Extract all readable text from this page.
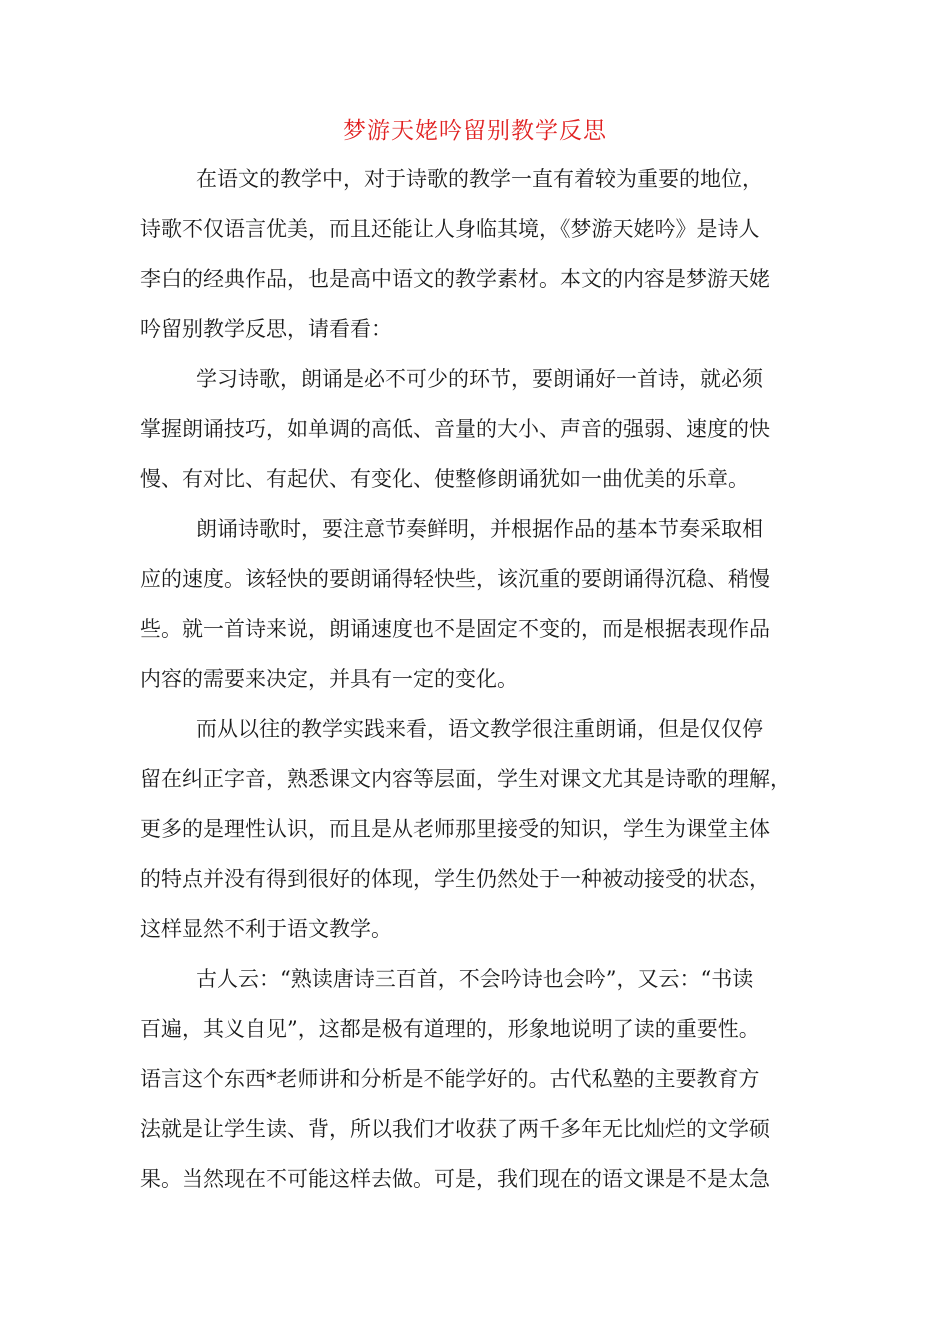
梦游天姥吟留别教学反思
在语文的教学中，对于诗歌的教学一直有着较为重要的地位，
诗歌不仅语言优美，而且还能让人身临其境，《梦游天姥吟》是诗人
李白的经典作品，也是高中语文的教学素材。本文的内容是梦游天姥
吟留别教学反思，请看看：
学习诗歌，朗诵是必不可少的环节，要朗诵好一首诗，就必须
掌握朗诵技巧，如单调的高低、音量的大小、声音的强弱、速度的快
慢、有对比、有起伏、有变化、使整修朗诵犹如一曲优美的乐章。
朗诵诗歌时，要注意节奏鲜明，并根据作品的基本节奏采取相
应的速度。该轻快的要朗诵得轻快些，该沉重的要朗诵得沉稳、稍慢
些。就一首诗来说，朗诵速度也不是固定不变的，而是根据表现作品
内容的需要来决定，并具有一定的变化。
而从以往的教学实践来看，语文教学很注重朗诵，但是仅仅停
留在纠正字音，熟悉课文内容等层面，学生对课文尤其是诗歌的理解，
更多的是理性认识，而且是从老师那里接受的知识，学生为课堂主体
的特点并没有得到很好的体现，学生仍然处于一种被动接受的状态，
这样显然不利于语文教学。
古人云：“熟读唐诗三百首，不会吟诗也会吟”，又云：“书读
百遍，其义自见”，这都是极有道理的，形象地说明了读的重要性。
语言这个东西*老师讲和分析是不能学好的。古代私塾的主要教育方
法就是让学生读、背，所以我们才收获了两千多年无比灿烂的文学硕
果。当然现在不可能这样去做。可是，我们现在的语文课是不是太急
